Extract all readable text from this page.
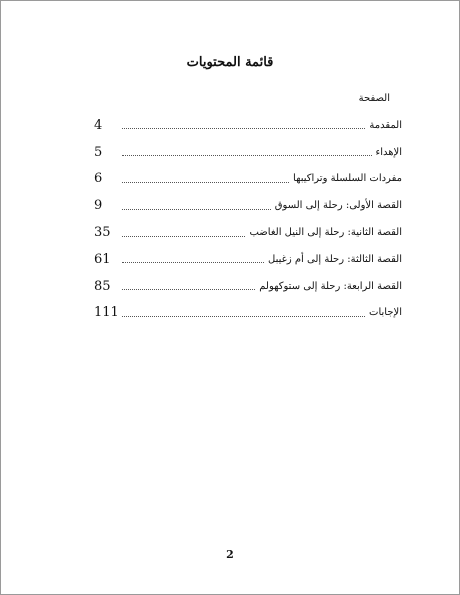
قائمة المحتويات
الصفحة
المقدمة
4
الإهداء
5
مفردات السلسلة وتراكيبها
6
القصة الأولى: رحلة إلى السوق
9
القصة الثانية: رحلة إلى النيل الغاضب
35
القصة الثالثة: رحلة إلى أم زغيبل
61
القصة الرابعة: رحلة إلى ستوكهولم
85
الإجابات
111
2
